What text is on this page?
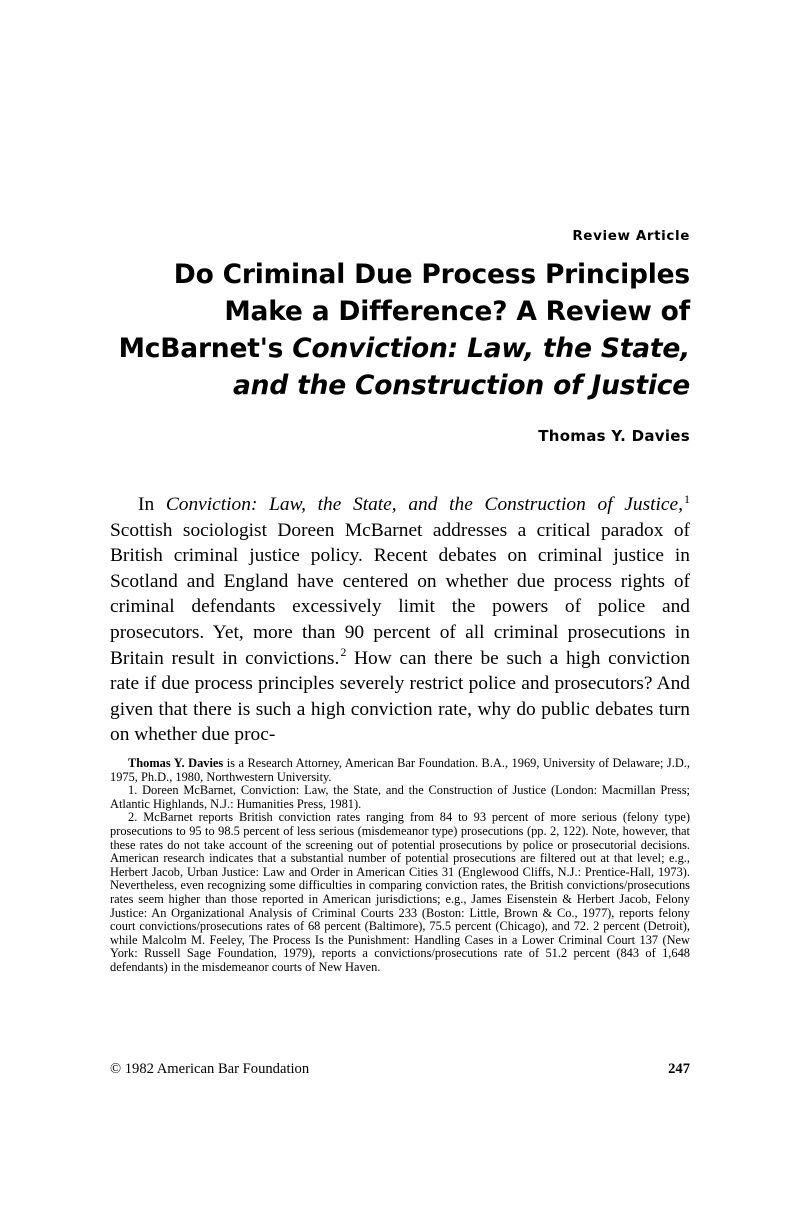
Review Article
Do Criminal Due Process Principles
Make a Difference? A Review of
McBarnet's Conviction: Law, the State,
and the Construction of Justice
Thomas Y. Davies

In Conviction: Law, the State, and the Construction of Justice,$^1$ Scottish sociologist Doreen McBarnet addresses a critical paradox of British criminal justice policy. Recent debates on criminal justice in Scotland and England have centered on whether due process rights of criminal defendants excessively limit the powers of police and prosecutors. Yet, more than 90 percent of all criminal prosecutions in Britain result in convictions.$^2$ How can there be such a high conviction rate if due process principles severely restrict police and prosecutors? And given that there is such a high conviction rate, why do public debates turn on whether due proc-

Thomas Y. Davies is a Research Attorney, American Bar Foundation. B.A., 1969, University of Delaware; J.D., 1975, Ph.D., 1980, Northwestern University.

1. Doreen McBarnet, Conviction: Law, the State, and the Construction of Justice (London: Macmillan Press; Atlantic Highlands, N.J.: Humanities Press, 1981).

2. McBarnet reports British conviction rates ranging from 84 to 93 percent of more serious (felony type) prosecutions to 95 to 98.5 percent of less serious (misdemeanor type) prosecutions (pp. 2, 122). Note, however, that these rates do not take account of the screening out of potential prosecutions by police or prosecutorial decisions. American research indicates that a substantial number of potential prosecutions are filtered out at that level; e.g., Herbert Jacob, Urban Justice: Law and Order in American Cities 31 (Englewood Cliffs, N.J.: Prentice-Hall, 1973). Nevertheless, even recognizing some difficulties in comparing conviction rates, the British convictions/prosecutions rates seem higher than those reported in American jurisdictions; e.g., James Eisenstein & Herbert Jacob, Felony Justice: An Organizational Analysis of Criminal Courts 233 (Boston: Little, Brown & Co., 1977), reports felony court convictions/prosecutions rates of 68 percent (Baltimore), 75.5 percent (Chicago), and 72. 2 percent (Detroit), while Malcolm M. Feeley, The Process Is the Punishment: Handling Cases in a Lower Criminal Court 137 (New York: Russell Sage Foundation, 1979), reports a convictions/prosecutions rate of 51.2 percent (843 of 1,648 defendants) in the misdemeanor courts of New Haven.

© 1982 American Bar Foundation	247
